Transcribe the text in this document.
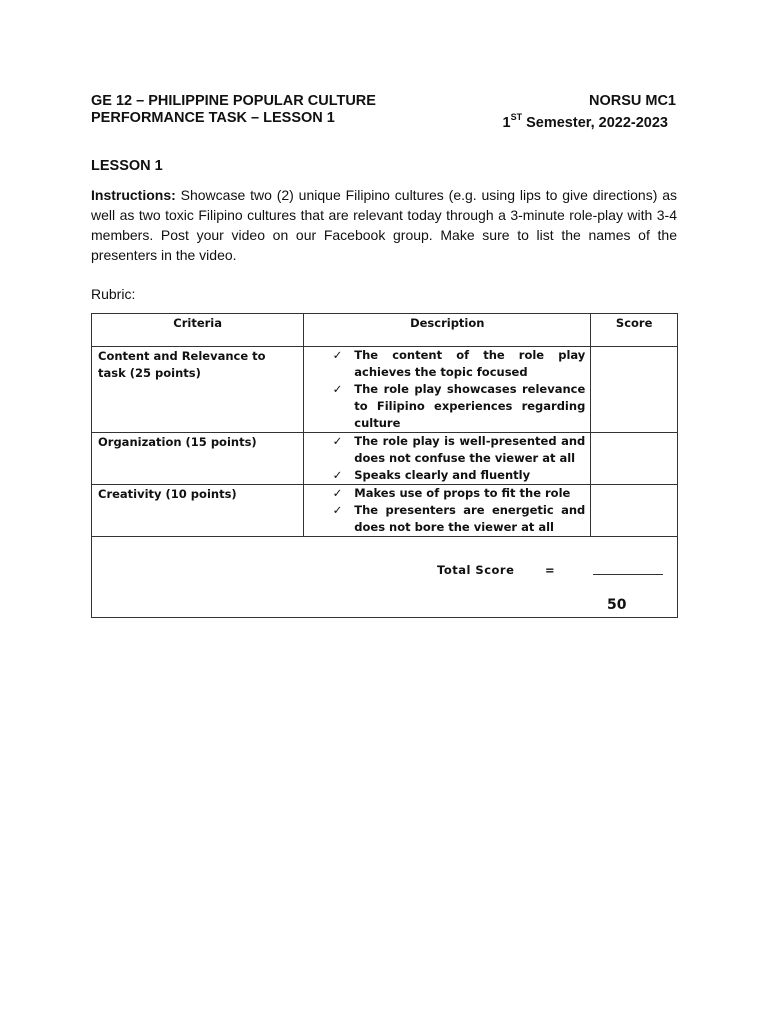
GE 12 – PHILIPPINE POPULAR CULTURE	NORSU MC1
PERFORMANCE TASK – LESSON 1	1ST Semester, 2022-2023
LESSON 1
Instructions: Showcase two (2) unique Filipino cultures (e.g. using lips to give directions) as well as two toxic Filipino cultures that are relevant today through a 3-minute role-play with 3-4 members. Post your video on our Facebook group. Make sure to list the names of the presenters in the video.
Rubric:
Criteria	Description	Score
Content and Relevance to task (25 points)	✓ The content of the role play achieves the topic focused
✓ The role play showcases relevance to Filipino experiences regarding culture	

Organization (15 points)	✓ The role play is well-presented and does not confuse the viewer at all
✓ Speaks clearly and fluently	

Creativity (10 points)	✓ Makes use of props to fit the role
✓ The presenters are energetic and does not bore the viewer at all	

Total Score =
50		
